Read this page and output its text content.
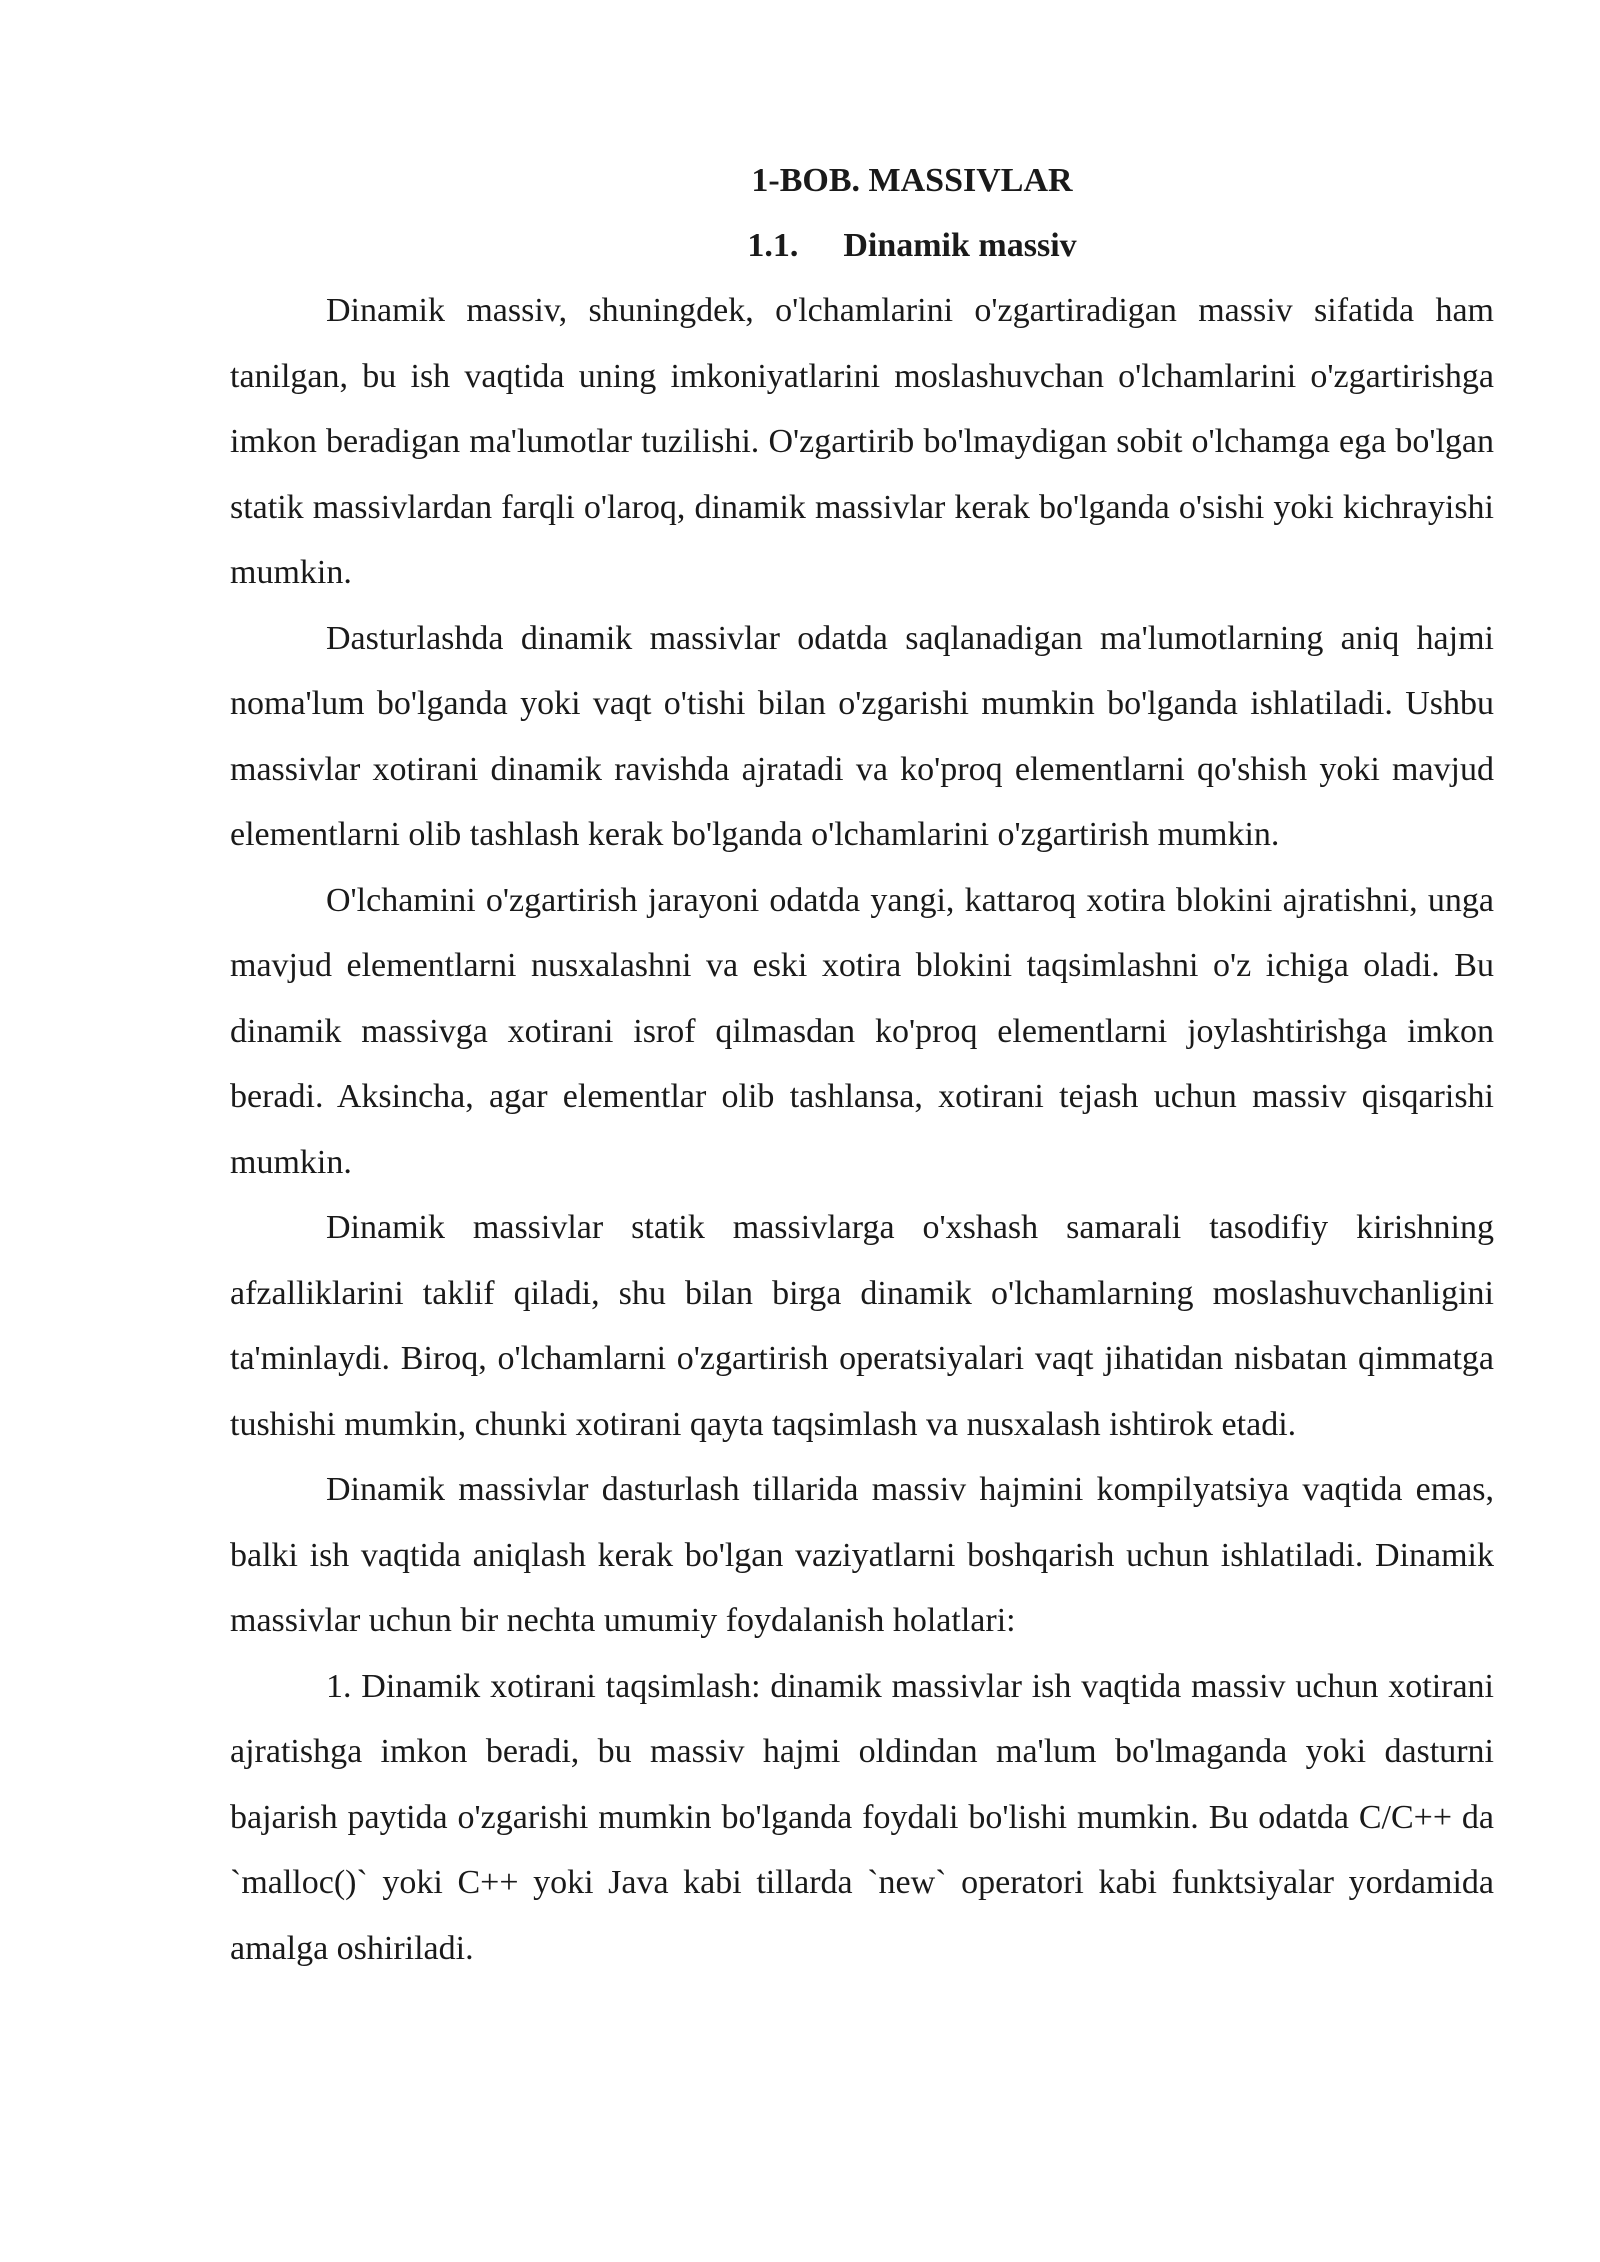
1-BOB. MASSIVLAR
1.1. Dinamik massiv

Dinamik massiv, shuningdek, o'lchamlarini o'zgartiradigan massiv sifatida ham tanilgan, bu ish vaqtida uning imkoniyatlarini moslashuvchan o'lchamlarini o'zgartirishga imkon beradigan ma'lumotlar tuzilishi. O'zgartirib bo'lmaydigan sobit o'lchamga ega bo'lgan statik massivlardan farqli o'laroq, dinamik massivlar kerak bo'lganda o'sishi yoki kichrayishi mumkin.

Dasturlashda dinamik massivlar odatda saqlanadigan ma'lumotlarning aniq hajmi noma'lum bo'lganda yoki vaqt o'tishi bilan o'zgarishi mumkin bo'lganda ishlatiladi. Ushbu massivlar xotirani dinamik ravishda ajratadi va ko'proq elementlarni qo'shish yoki mavjud elementlarni olib tashlash kerak bo'lganda o'lchamlarini o'zgartirish mumkin.

O'lchamini o'zgartirish jarayoni odatda yangi, kattaroq xotira blokini ajratishni, unga mavjud elementlarni nusxalashni va eski xotira blokini taqsimlashni o'z ichiga oladi. Bu dinamik massivga xotirani isrof qilmasdan ko'proq elementlarni joylashtirishga imkon beradi. Aksincha, agar elementlar olib tashlansa, xotirani tejash uchun massiv qisqarishi mumkin.

Dinamik massivlar statik massivlarga o'xshash samarali tasodifiy kirishning afzalliklarini taklif qiladi, shu bilan birga dinamik o'lchamlarning moslashuvchanligini ta'minlaydi. Biroq, o'lchamlarni o'zgartirish operatsiyalari vaqt jihatidan nisbatan qimmatga tushishi mumkin, chunki xotirani qayta taqsimlash va nusxalash ishtirok etadi.

Dinamik massivlar dasturlash tillarida massiv hajmini kompilyatsiya vaqtida emas, balki ish vaqtida aniqlash kerak bo'lgan vaziyatlarni boshqarish uchun ishlatiladi. Dinamik massivlar uchun bir nechta umumiy foydalanish holatlari:

1. Dinamik xotirani taqsimlash: dinamik massivlar ish vaqtida massiv uchun xotirani ajratishga imkon beradi, bu massiv hajmi oldindan ma'lum bo'lmaganda yoki dasturni bajarish paytida o'zgarishi mumkin bo'lganda foydali bo'lishi mumkin. Bu odatda C/C++ da `malloc()` yoki C++ yoki Java kabi tillarda `new` operatori kabi funktsiyalar yordamida amalga oshiriladi.
